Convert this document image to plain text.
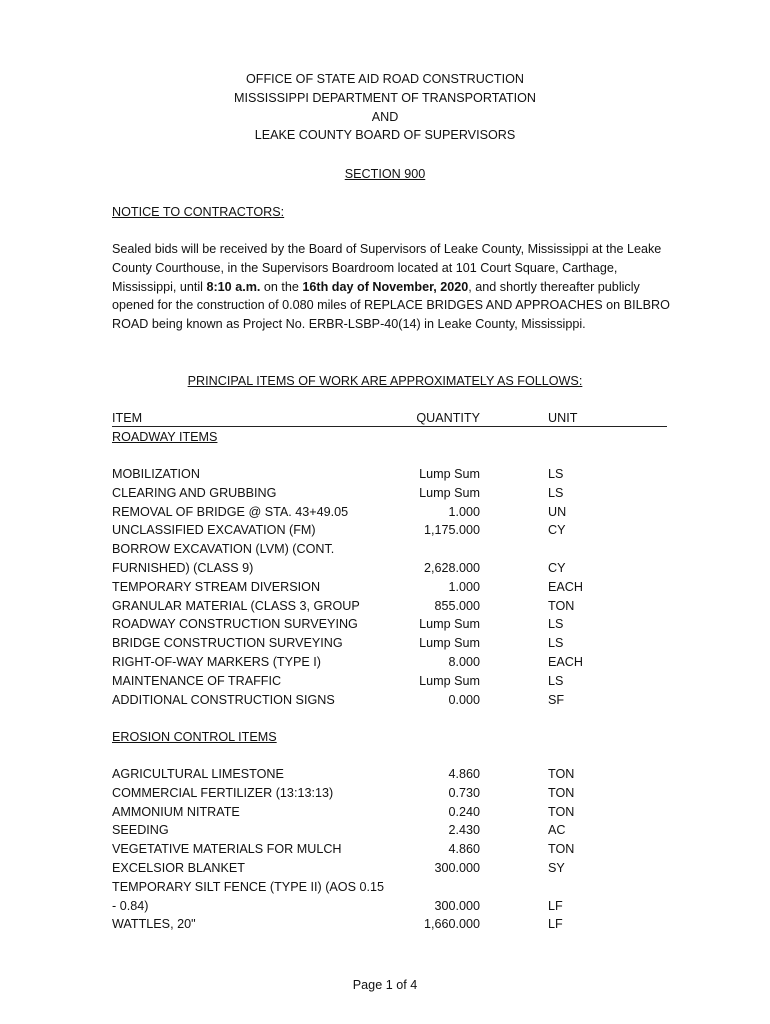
OFFICE OF STATE AID ROAD CONSTRUCTION
MISSISSIPPI DEPARTMENT OF TRANSPORTATION
AND
LEAKE COUNTY BOARD OF SUPERVISORS
SECTION 900
NOTICE TO CONTRACTORS:
Sealed bids will be received by the Board of Supervisors of Leake County, Mississippi at the Leake County Courthouse, in the Supervisors Boardroom located at 101 Court Square, Carthage, Mississippi, until 8:10 a.m. on the 16th day of November, 2020, and shortly thereafter publicly opened for the construction of 0.080 miles of REPLACE BRIDGES AND APPROACHES on BILBRO ROAD being known as Project No. ERBR-LSBP-40(14) in Leake County, Mississippi.
PRINCIPAL ITEMS OF WORK ARE APPROXIMATELY AS FOLLOWS:
ITEM	QUANTITY	UNIT
ROADWAY ITEMS
MOBILIZATION	Lump Sum	LS
CLEARING AND GRUBBING	Lump Sum	LS
REMOVAL OF BRIDGE @ STA. 43+49.05	1.000	UN
UNCLASSIFIED EXCAVATION (FM)	1,175.000	CY
BORROW EXCAVATION (LVM) (CONT.
FURNISHED) (CLASS 9)	2,628.000	CY
TEMPORARY STREAM DIVERSION	1.000	EACH
GRANULAR MATERIAL (CLASS 3, GROUP	855.000	TON
ROADWAY CONSTRUCTION SURVEYING	Lump Sum	LS
BRIDGE CONSTRUCTION SURVEYING	Lump Sum	LS
RIGHT-OF-WAY MARKERS (TYPE I)	8.000	EACH
MAINTENANCE OF TRAFFIC	Lump Sum	LS
ADDITIONAL CONSTRUCTION SIGNS	0.000	SF
EROSION CONTROL ITEMS
AGRICULTURAL LIMESTONE	4.860	TON
COMMERCIAL FERTILIZER (13:13:13)	0.730	TON
AMMONIUM NITRATE	0.240	TON
SEEDING	2.430	AC
VEGETATIVE MATERIALS FOR MULCH	4.860	TON
EXCELSIOR BLANKET	300.000	SY
TEMPORARY SILT FENCE (TYPE II) (AOS 0.15
- 0.84)	300.000	LF
WATTLES, 20"	1,660.000	LF
Page 1 of 4
